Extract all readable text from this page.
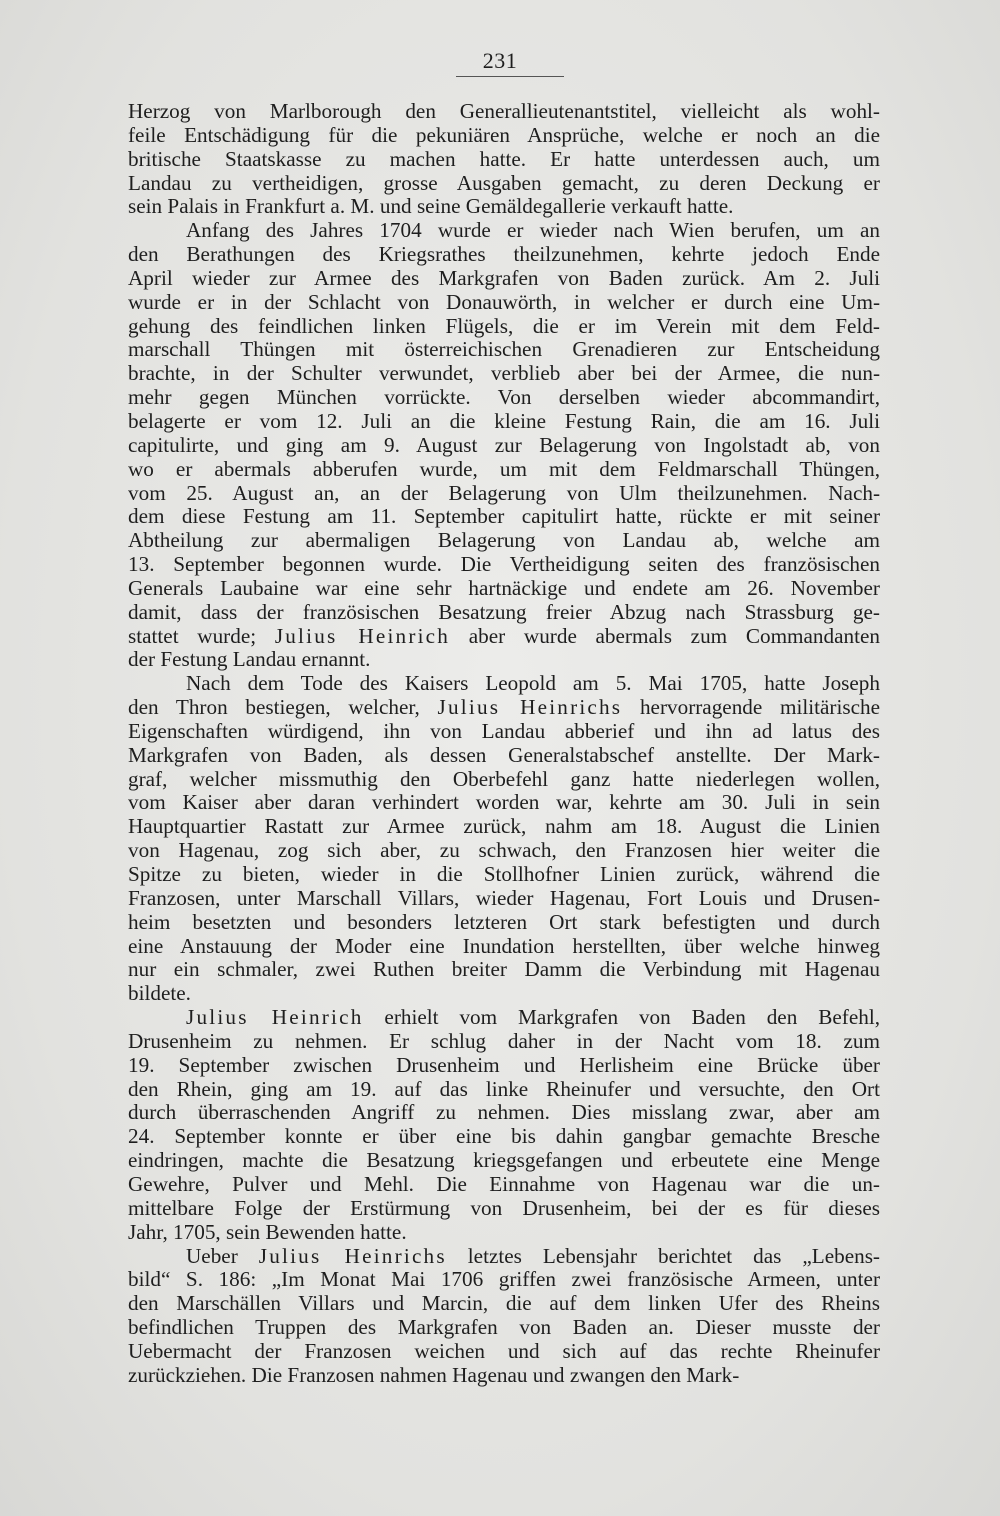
231
Herzog von Marlborough den Generallieutenantstitel, vielleicht als wohl-
feile Entschädigung für die pekuniären Ansprüche, welche er noch an die
britische Staatskasse zu machen hatte. Er hatte unterdessen auch, um
Landau zu vertheidigen, grosse Ausgaben gemacht, zu deren Deckung er
sein Palais in Frankfurt a. M. und seine Gemäldegallerie verkauft hatte.
Anfang des Jahres 1704 wurde er wieder nach Wien berufen, um an
den Berathungen des Kriegsrathes theilzunehmen, kehrte jedoch Ende
April wieder zur Armee des Markgrafen von Baden zurück. Am 2. Juli
wurde er in der Schlacht von Donauwörth, in welcher er durch eine Um-
gehung des feindlichen linken Flügels, die er im Verein mit dem Feld-
marschall Thüngen mit österreichischen Grenadieren zur Entscheidung
brachte, in der Schulter verwundet, verblieb aber bei der Armee, die nun-
mehr gegen München vorrückte. Von derselben wieder abcommandirt,
belagerte er vom 12. Juli an die kleine Festung Rain, die am 16. Juli
capitulirte, und ging am 9. August zur Belagerung von Ingolstadt ab, von
wo er abermals abberufen wurde, um mit dem Feldmarschall Thüngen,
vom 25. August an, an der Belagerung von Ulm theilzunehmen. Nach-
dem diese Festung am 11. September capitulirt hatte, rückte er mit seiner
Abtheilung zur abermaligen Belagerung von Landau ab, welche am
13. September begonnen wurde. Die Vertheidigung seiten des französischen
Generals Laubaine war eine sehr hartnäckige und endete am 26. November
damit, dass der französischen Besatzung freier Abzug nach Strassburg ge-
stattet wurde; Julius Heinrich aber wurde abermals zum Commandanten
der Festung Landau ernannt.
Nach dem Tode des Kaisers Leopold am 5. Mai 1705, hatte Joseph
den Thron bestiegen, welcher, Julius Heinrichs hervorragende militärische
Eigenschaften würdigend, ihn von Landau abberief und ihn ad latus des
Markgrafen von Baden, als dessen Generalstabschef anstellte. Der Mark-
graf, welcher missmuthig den Oberbefehl ganz hatte niederlegen wollen,
vom Kaiser aber daran verhindert worden war, kehrte am 30. Juli in sein
Hauptquartier Rastatt zur Armee zurück, nahm am 18. August die Linien
von Hagenau, zog sich aber, zu schwach, den Franzosen hier weiter die
Spitze zu bieten, wieder in die Stollhofner Linien zurück, während die
Franzosen, unter Marschall Villars, wieder Hagenau, Fort Louis und Drusen-
heim besetzten und besonders letzteren Ort stark befestigten und durch
eine Anstauung der Moder eine Inundation herstellten, über welche hinweg
nur ein schmaler, zwei Ruthen breiter Damm die Verbindung mit Hagenau
bildete.
Julius Heinrich erhielt vom Markgrafen von Baden den Befehl,
Drusenheim zu nehmen. Er schlug daher in der Nacht vom 18. zum
19. September zwischen Drusenheim und Herlisheim eine Brücke über
den Rhein, ging am 19. auf das linke Rheinufer und versuchte, den Ort
durch überraschenden Angriff zu nehmen. Dies misslang zwar, aber am
24. September konnte er über eine bis dahin gangbar gemachte Bresche
eindringen, machte die Besatzung kriegsgefangen und erbeutete eine Menge
Gewehre, Pulver und Mehl. Die Einnahme von Hagenau war die un-
mittelbare Folge der Erstürmung von Drusenheim, bei der es für dieses
Jahr, 1705, sein Bewenden hatte.
Ueber Julius Heinrichs letztes Lebensjahr berichtet das „Lebens-
bild“ S. 186: „Im Monat Mai 1706 griffen zwei französische Armeen, unter
den Marschällen Villars und Marcin, die auf dem linken Ufer des Rheins
befindlichen Truppen des Markgrafen von Baden an. Dieser musste der
Uebermacht der Franzosen weichen und sich auf das rechte Rheinufer
zurückziehen. Die Franzosen nahmen Hagenau und zwangen den Mark-
